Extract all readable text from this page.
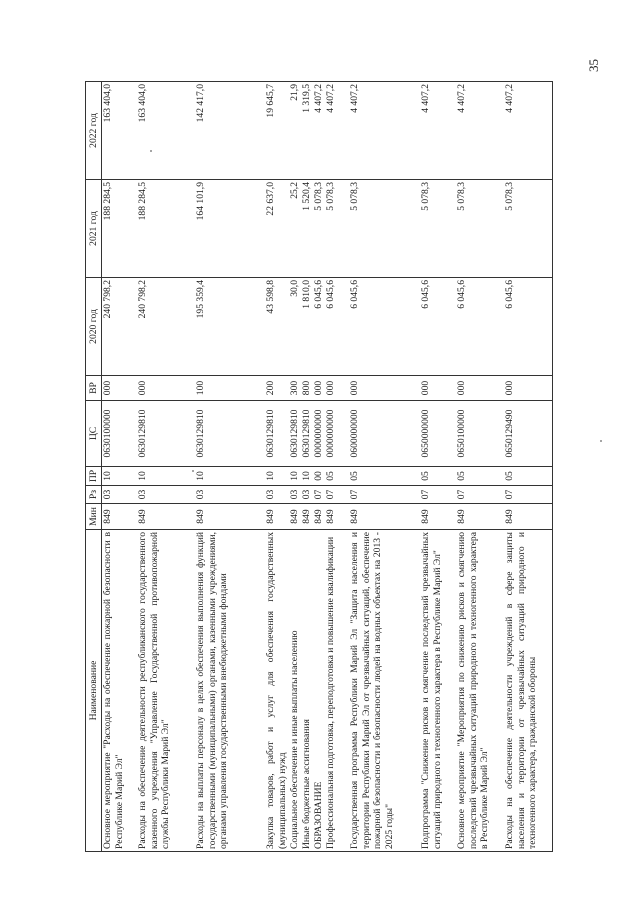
35
Наименование	Мин	Рз	ПР	ЦС	ВР	2020 год	2021 год	2022 год
Основное мероприятие "Расходы на обеспечение пожарной безопасности в Республике Марий Эл"	849	03	10	0630100000	000	240 798,2	188 284,5	163 404,0
Расходы на обеспечение деятельности республиканского государственного казенного учреждения "Управление Государственной противопожарной службы Республики Марий Эл"	849	03	10	0630129810	000	240 798,2	188 284,5	163 404,0
Расходы на выплаты персоналу в целях обеспечения выполнения функций государственными (муниципальными) органами, казенными учреждениями, органами управления государственными внебюджетными фондами	849	03	10	0630129810	100	195 359,4	164 101,9	142 417,0
Закупка товаров, работ и услуг для обеспечения государственных (муниципальных) нужд	849	03	10	0630129810	200	43 598,8	22 637,0	19 645,7
Социальное обеспечение и иные выплаты населению	849	03	10	0630129810	300	30,0	25,2	21,9
Иные бюджетные ассигнования	849	03	10	0630129810	800	1 810,0	1 520,4	1 319,5
ОБРАЗОВАНИЕ	849	07	00	0000000000	000	6 045,6	5 078,3	4 407,2
Профессиональная подготовка, переподготовка и повышение квалификации	849	07	05	0000000000	000	6 045,6	5 078,3	4 407,2
Государственная программа Республики Марий Эл "Защита населения и территории Республики Марий Эл от чрезвычайных ситуаций, обеспечение пожарной безопасности и безопасности людей на водных объектах на 2013 - 2025 годы"	849	07	05	0600000000	000	6 045,6	5 078,3	4 407,2
Подпрограмма "Снижение рисков и смягчение последствий чрезвычайных ситуаций природного и техногенного характера в Республике Марий Эл"	849	07	05	0650000000	000	6 045,6	5 078,3	4 407,2
Основное мероприятие "Мероприятия по снижению рисков и смягчению последствий чрезвычайных ситуаций природного и техногенного характера в Республике Марий Эл"	849	07	05	0650100000	000	6 045,6	5 078,3	4 407,2
Расходы на обеспечение деятельности учреждений в сфере защиты населения и территории от чрезвычайных ситуаций природного и техногенного характера, гражданской обороны	849	07	05	0650129490	000	6 045,6	5 078,3	4 407,2
